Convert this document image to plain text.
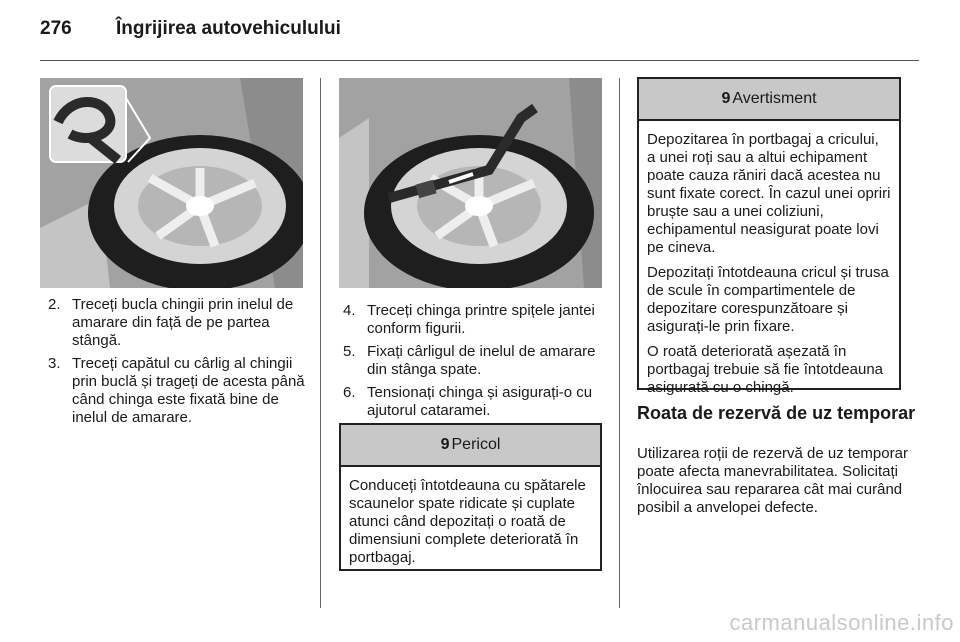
276 Îngrijirea autovehiculului
2. Treceți bucla chingii prin inelul de amarare din față de pe partea stângă.
3. Treceți capătul cu cârlig al chingii prin buclă și trageți de acesta până când chinga este fixată bine de inelul de amarare.
4. Treceți chinga printre spițele jantei conform figurii.
5. Fixați cârligul de inelul de amarare din stânga spate.
6. Tensionați chinga și asigurați-o cu ajutorul cataramei.
9 Pericol

Conduceți întotdeauna cu spătarele scaunelor spate ridicate și cuplate atunci când depozitați o roată de dimensiuni complete deteriorată în portbagaj.

9 Avertisment

Depozitarea în portbagaj a cricului, a unei roți sau a altui echipament poate cauza răniri dacă acestea nu sunt fixate corect. În cazul unei opriri bruște sau a unei coliziuni, echipamentul neasigurat poate lovi pe cineva.

Depozitați întotdeauna cricul și trusa de scule în compartimentele de depozitare corespunzătoare și asigurați-le prin fixare.

O roată deteriorată așezată în portbagaj trebuie să fie întotdeauna asigurată cu o chingă.

Roata de rezervă de uz temporar

Utilizarea roții de rezervă de uz temporar poate afecta manevrabilitatea. Solicitați înlocuirea sau repararea cât mai curând posibil a anvelopei defecte.

carmanualsonline.info
